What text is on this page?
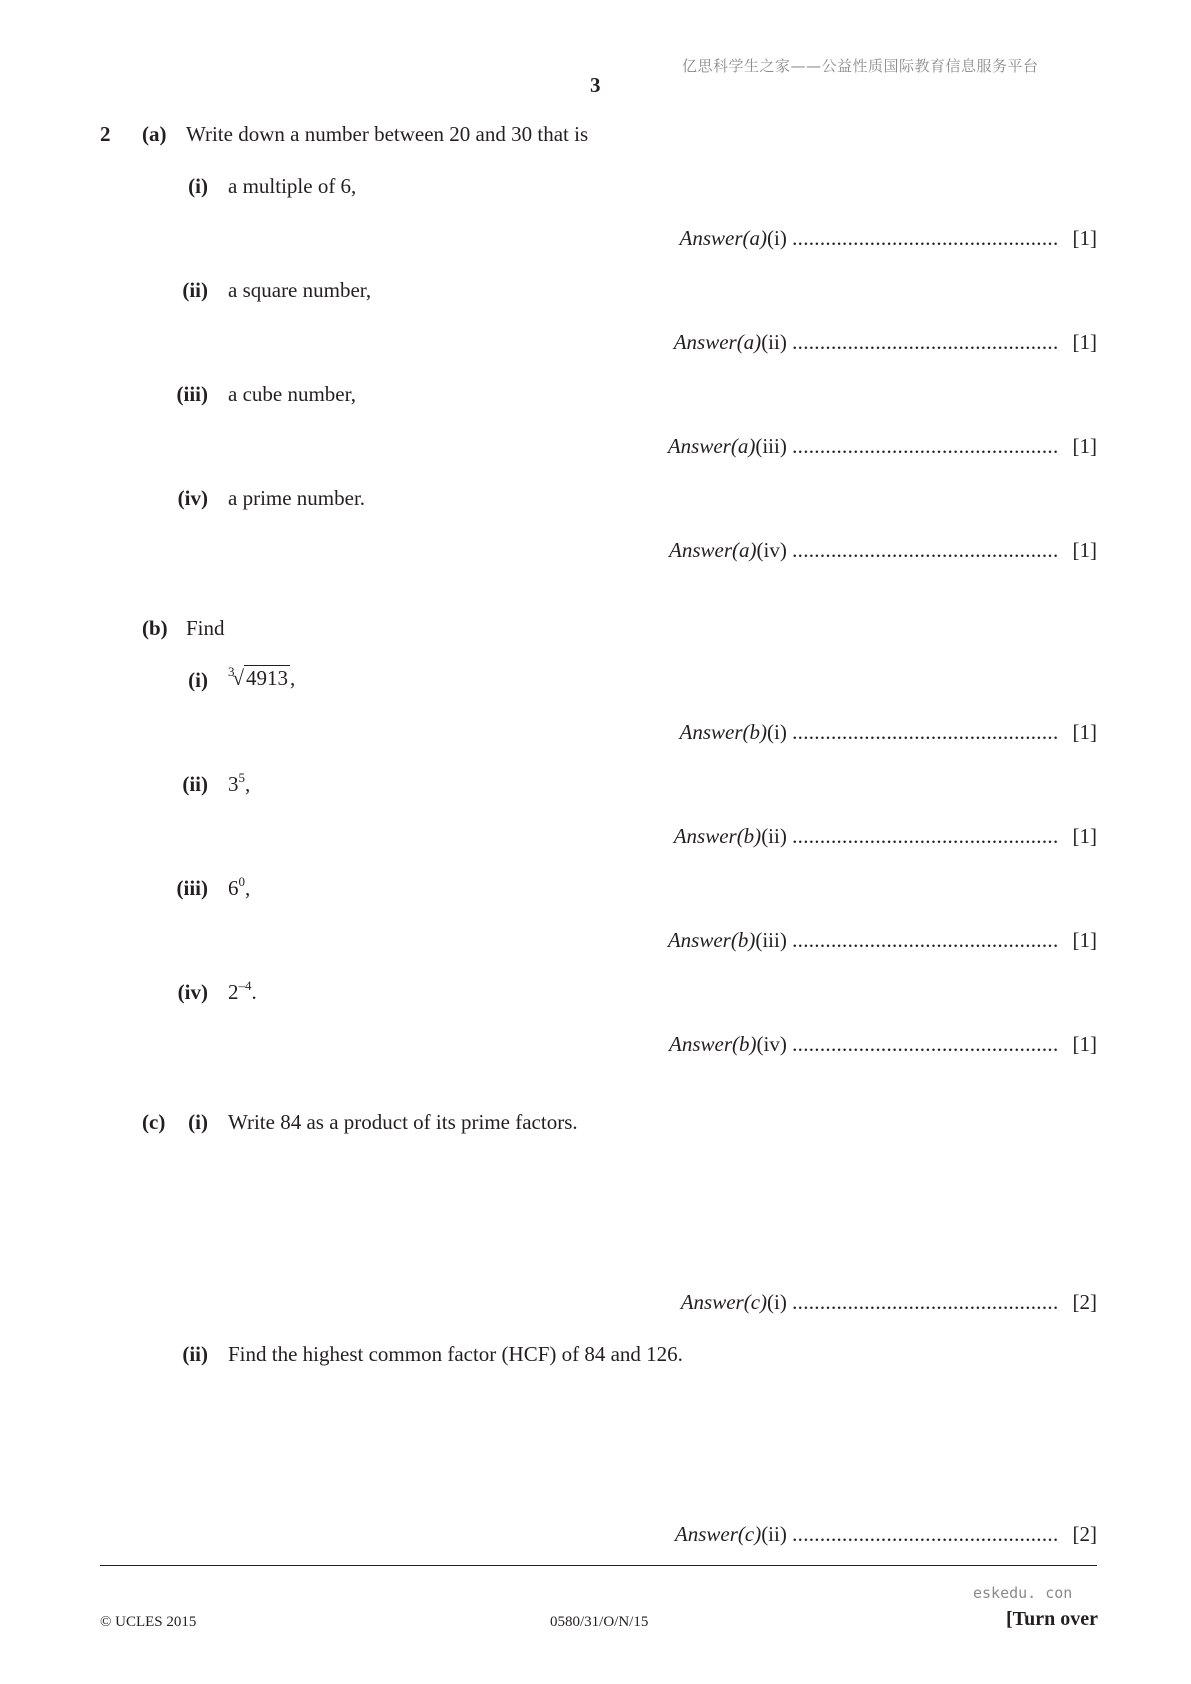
亿思科学生之家——公益性质国际教育信息服务平台
3
2 (a) Write down a number between 20 and 30 that is
(i) a multiple of 6,
Answer(a)(i) ................................................ [1]
(ii) a square number,
Answer(a)(ii) ................................................ [1]
(iii) a cube number,
Answer(a)(iii) ................................................ [1]
(iv) a prime number.
Answer(a)(iv) ................................................ [1]
(b) Find
(i) $^3$√4913,
Answer(b)(i) ................................................ [1]
(ii) $3^5$,
Answer(b)(ii) ................................................ [1]
(iii) $6^0$,
Answer(b)(iii) ................................................ [1]
(iv) $2^{-4}$.
Answer(b)(iv) ................................................ [1]
(c)	(i) Write 84 as a product of its prime factors.
Answer(c)(i) ................................................ [2]
(ii) Find the highest common factor (HCF) of 84 and 126.
Answer(c)(ii) ................................................ [2]
eskedu. con
© UCLES 2015	0580/31/O/N/15	[Turn over
